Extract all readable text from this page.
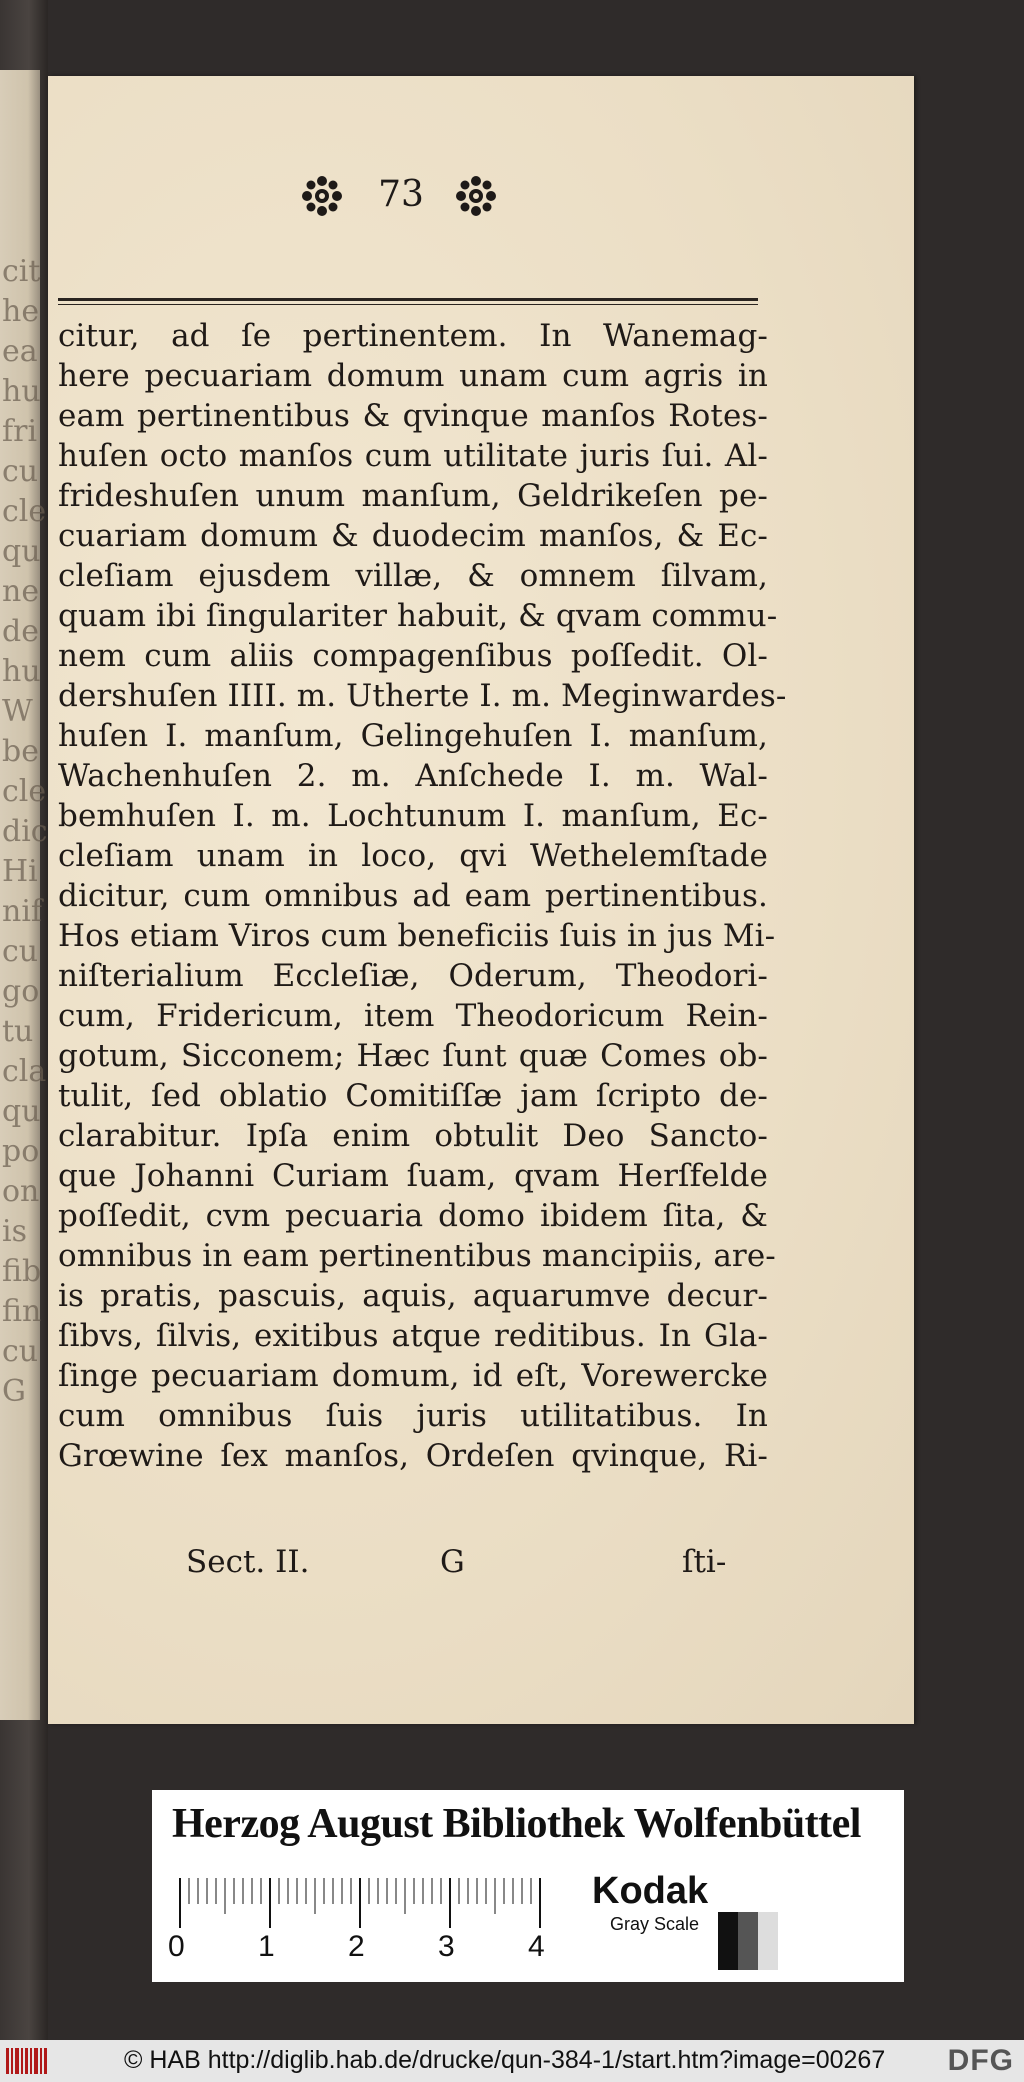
cit
he
ea
hu
fri
cu
cle
qu
ne
de
hu
W
be
cle
dic
Hi
nif
cu
go
tu
cla
qu
po
on
is
fib
fin
cu
G
73
citur, ad ſe pertinentem. In Wanemag-
here pecuariam domum unam cum agris in
eam pertinentibus & qvinque manſos Rotes-
huſen octo manſos cum utilitate juris ſui. Al-
frideshuſen unum manſum, Geldrikeſen pe-
cuariam domum & duodecim manſos, & Ec-
cleſiam ejusdem villæ, & omnem ſilvam,
quam ibi ſingulariter habuit, & qvam commu-
nem cum aliis compagenſibus poſſedit. Ol-
dershuſen IIII. m. Utherte I. m. Meginwardes-
huſen I. manſum, Gelingehuſen I. manſum,
Wachenhuſen 2. m. Anſchede I. m. Wal-
bemhuſen I. m. Lochtunum I. manſum, Ec-
cleſiam unam in loco, qvi Wethelemſtade
dicitur, cum omnibus ad eam pertinentibus.
Hos etiam Viros cum beneficiis ſuis in jus Mi-
niſterialium Eccleſiæ, Oderum, Theodori-
cum, Fridericum, item Theodoricum Rein-
gotum, Sicconem; Hæc ſunt quæ Comes ob-
tulit, ſed oblatio Comitiſſæ jam ſcripto de-
clarabitur. Ipſa enim obtulit Deo Sancto-
que Johanni Curiam ſuam, qvam Herſfelde
poſſedit, cvm pecuaria domo ibidem ſita, &
omnibus in eam pertinentibus mancipiis, are-
is pratis, pascuis, aquis, aquarumve decur-
ſibvs, ſilvis, exitibus atque reditibus. In Gla-
ſinge pecuariam domum, id eſt, Vorewercke
cum omnibus ſuis juris utilitatibus. In
Grœwine ſex manſos, Ordeſen qvinque, Ri-
Sect. II.	G	ſti-
Herzog August Bibliothek Wolfenbüttel
0 1 2 3 4
Kodak
Gray Scale
© HAB http://diglib.hab.de/drucke/qun-384-1/start.htm?image=00267 DFG
